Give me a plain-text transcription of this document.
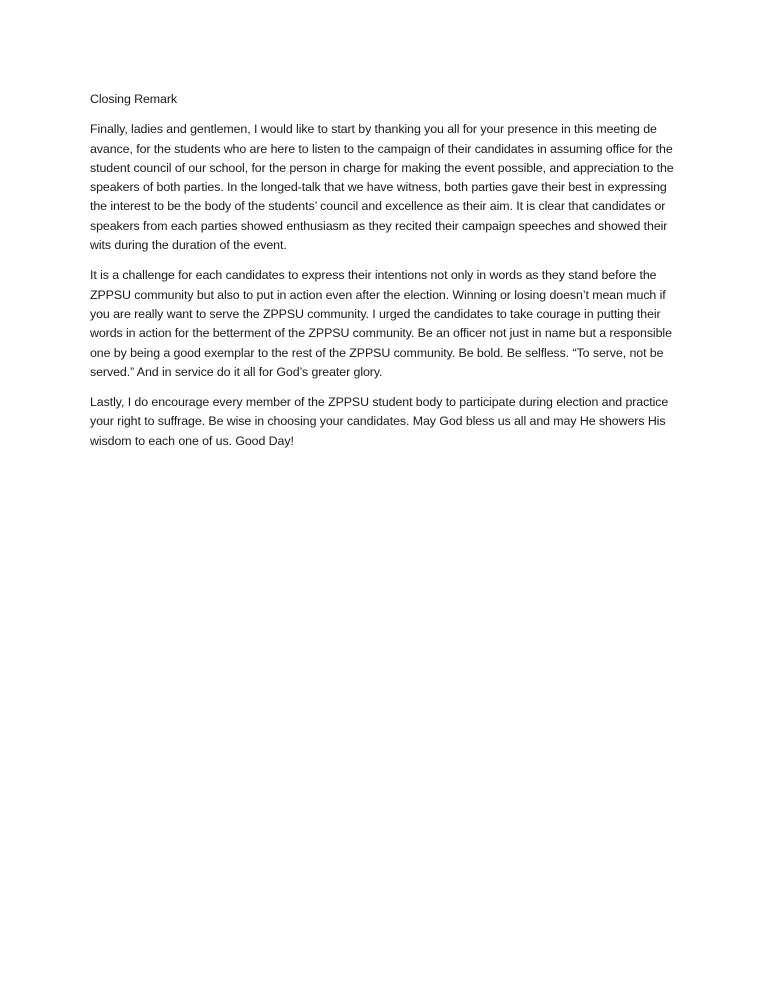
Closing Remark

Finally, ladies and gentlemen, I would like to start by thanking you all for your presence in this meeting de avance, for the students who are here to listen to the campaign of their candidates in assuming office for the student council of our school, for the person in charge for making the event possible, and appreciation to the speakers of both parties. In the longed-talk that we have witness, both parties gave their best in expressing the interest to be the body of the students’ council and excellence as their aim. It is clear that candidates or speakers from each parties showed enthusiasm as they recited their campaign speeches and showed their wits during the duration of the event.

It is a challenge for each candidates to express their intentions not only in words as they stand before the ZPPSU community but also to put in action even after the election. Winning or losing doesn’t mean much if you are really want to serve the ZPPSU community. I urged the candidates to take courage in putting their words in action for the betterment of the ZPPSU community. Be an officer not just in name but a responsible one by being a good exemplar to the rest of the ZPPSU community. Be bold. Be selfless. “To serve, not be served.” And in service do it all for God’s greater glory.

Lastly, I do encourage every member of the ZPPSU student body to participate during election and practice your right to suffrage. Be wise in choosing your candidates. May God bless us all and may He showers His wisdom to each one of us. Good Day!
